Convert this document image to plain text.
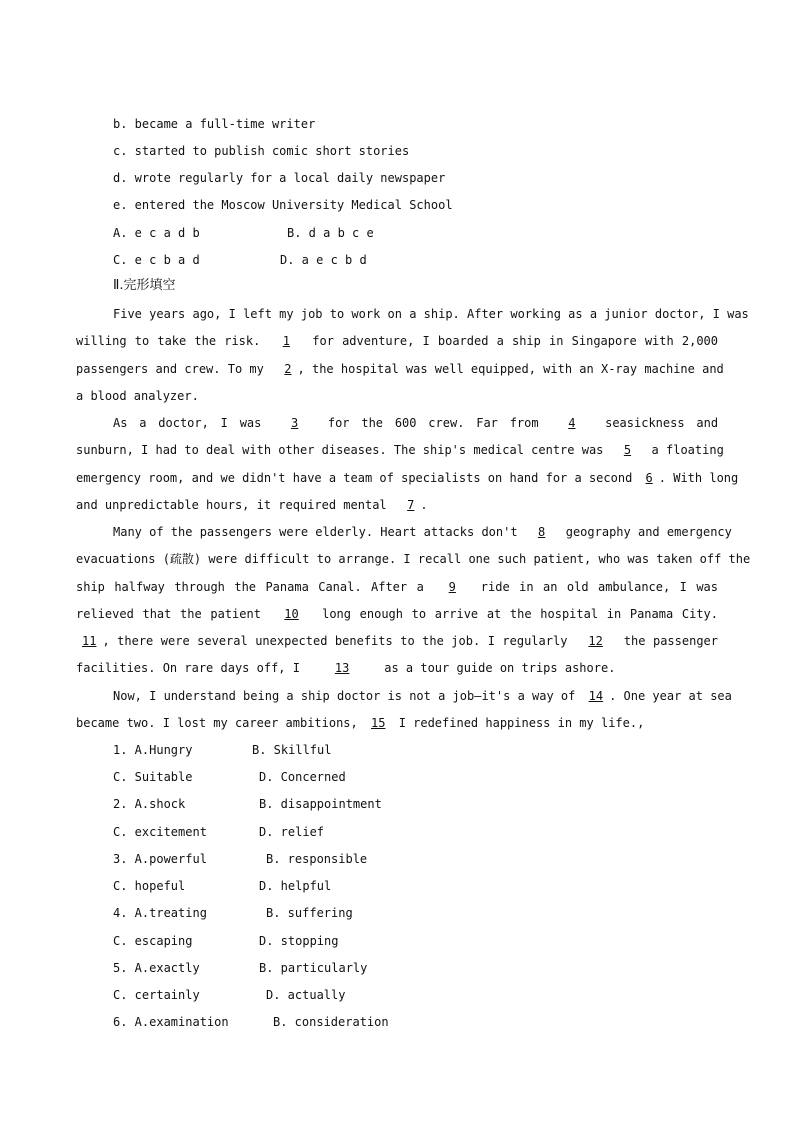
b. became a full-time writer
c. started to publish comic short stories
d. wrote regularly for a local daily newspaper
e. entered the Moscow University Medical School
A. e c a d b	B. d a b c e
C. e c b a d	D. a e c b d
Ⅱ.完形填空
Five years ago, I left my job to work on a ship. After working as a junior doctor, I was
willing to take the risk. 1 for adventure, I boarded a ship in Singapore with 2,000
passengers and crew. To my 2 , the hospital was well equipped, with an X-ray machine and
a blood analyzer.
As a doctor, I was 3 for the 600 crew. Far from 4 seasickness and
sunburn, I had to deal with other diseases. The ship's medical centre was 5 a floating
emergency room, and we didn't have a team of specialists on hand for a second 6 . With long
and unpredictable hours, it required mental 7 .
Many of the passengers were elderly. Heart attacks don't 8 geography and emergency
evacuations (疏散) were difficult to arrange. I recall one such patient, who was taken off the
ship halfway through the Panama Canal. After a 9 ride in an old ambulance, I was
relieved that the patient 10 long enough to arrive at the hospital in Panama City.
11 , there were several unexpected benefits to the job. I regularly 12 the passenger
facilities. On rare days off, I	13	as a tour guide on trips ashore.
Now, I understand being a ship doctor is not a job—it's a way of 14 . One year at sea
became two. I lost my career ambitions, 15 I redefined happiness in my life.,
1. A.Hungry	B. Skillful
C. Suitable	D. Concerned
2. A.shock	B. disappointment
C. excitement	D. relief
3. A.powerful	B. responsible
C. hopeful	D. helpful
4. A.treating	B. suffering
C. escaping	D. stopping
5. A.exactly	B. particularly
C. certainly	D. actually
6. A.examination	B. consideration
